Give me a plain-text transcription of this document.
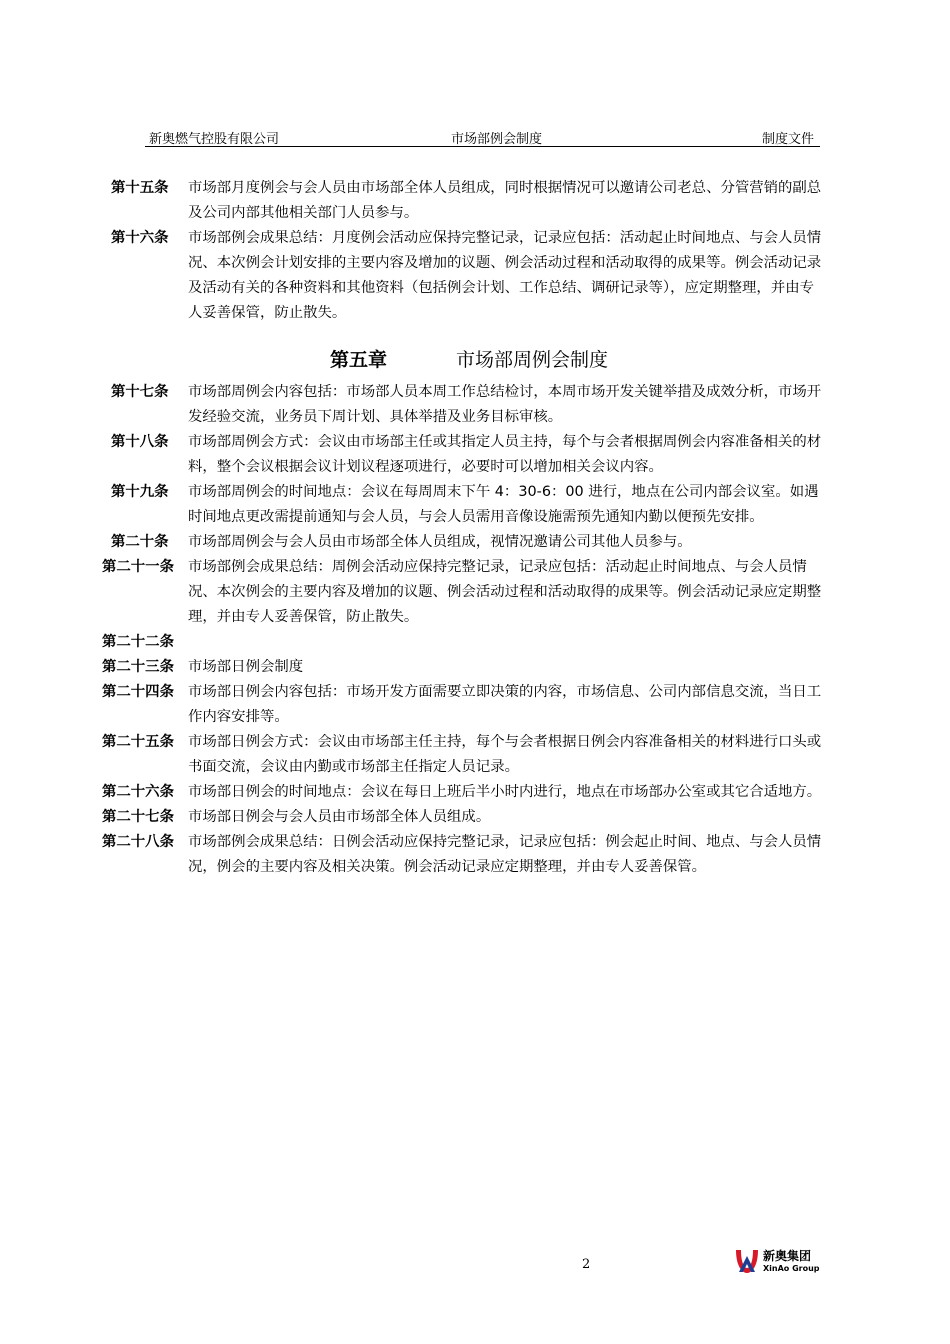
新奥燃气控股有限公司	市场部例会制度	制度文件
第十五条	市场部月度例会与会人员由市场部全体人员组成，同时根据情况可以邀请公司老总、分管营销的副总及公司内部其他相关部门人员参与。
第十六条	市场部例会成果总结：月度例会活动应保持完整记录，记录应包括：活动起止时间地点、与会人员情况、本次例会计划安排的主要内容及增加的议题、例会活动过程和活动取得的成果等。例会活动记录及活动有关的各种资料和其他资料（包括例会计划、工作总结、调研记录等），应定期整理，并由专人妥善保管，防止散失。
第五章	市场部周例会制度
第十七条	市场部周例会内容包括：市场部人员本周工作总结检讨，本周市场开发关键举措及成效分析，市场开发经验交流，业务员下周计划、具体举措及业务目标审核。
第十八条	市场部周例会方式：会议由市场部主任或其指定人员主持，每个与会者根据周例会内容准备相关的材料，整个会议根据会议计划议程逐项进行，必要时可以增加相关会议内容。
第十九条	市场部周例会的时间地点：会议在每周周末下午 4：30-6：00 进行，地点在公司内部会议室。如遇时间地点更改需提前通知与会人员，与会人员需用音像设施需预先通知内勤以便预先安排。
第二十条	市场部周例会与会人员由市场部全体人员组成，视情况邀请公司其他人员参与。
第二十一条 市场部例会成果总结：周例会活动应保持完整记录，记录应包括：活动起止时间地点、与会人员情况、本次例会的主要内容及增加的议题、例会活动过程和活动取得的成果等。例会活动记录应定期整理，并由专人妥善保管，防止散失。
第二十二条
第二十三条 市场部日例会制度
第二十四条 市场部日例会内容包括：市场开发方面需要立即决策的内容，市场信息、公司内部信息交流，当日工作内容安排等。
第二十五条 市场部日例会方式：会议由市场部主任主持，每个与会者根据日例会内容准备相关的材料进行口头或书面交流，会议由内勤或市场部主任指定人员记录。
第二十六条 市场部日例会的时间地点：会议在每日上班后半小时内进行，地点在市场部办公室或其它合适地方。
第二十七条 市场部日例会与会人员由市场部全体人员组成。
第二十八条 市场部例会成果总结：日例会活动应保持完整记录，记录应包括：例会起止时间、地点、与会人员情况，例会的主要内容及相关决策。例会活动记录应定期整理，并由专人妥善保管。
2
新奥集团
XinAo Group
